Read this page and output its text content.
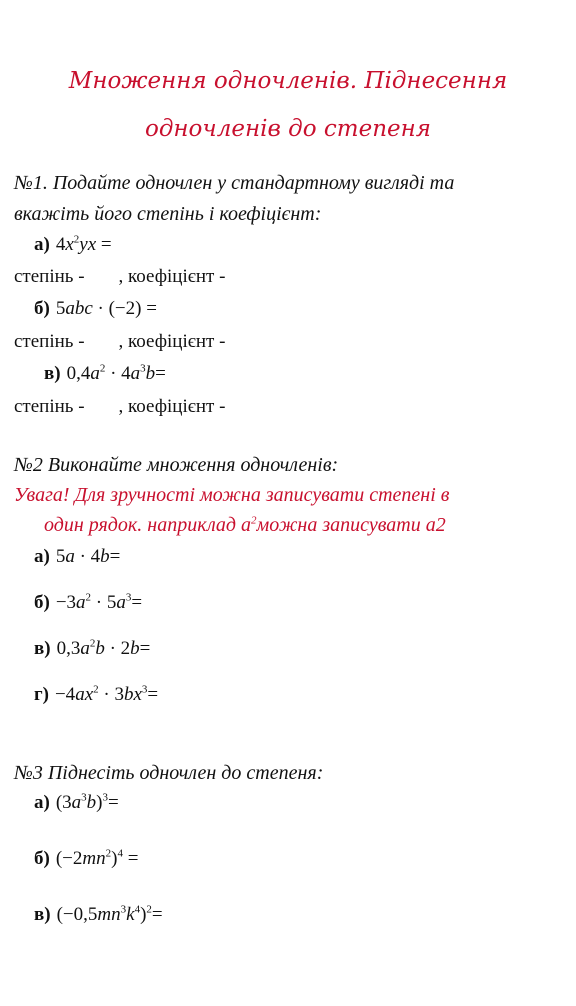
Множення одночленів. Піднесення
одночленів до степеня
№1. Подайте одночлен у стандартному вигляді та
вкажіть його степінь і коефіцієнт:
а) $4x^2yx$ =
степінь - , коефіцієнт -
б) 5abc · (−2) =
степінь - , коефіцієнт -
в) $0,4a^2 \cdot 4a^3b=$
степінь - , коефіцієнт -
№2 Виконайте множення одночленів:
Увага! Для зручності можна записувати степені в
один рядок. наприклад $a^2можна$ записувати a2
а) 5a · 4b=
$б) -3a^2 \cdot 5a^3=$
в) $0,3a^2b \cdot 2b=$
$г) -4ax^2 \cdot 3bx^3=$
№3 Піднесіть одночлен до степеня:
а) $(3a^3b)^3=$
б) $(-2mn^2)^4$ =
в) $(-0,5mn^3k^4)^2=$
